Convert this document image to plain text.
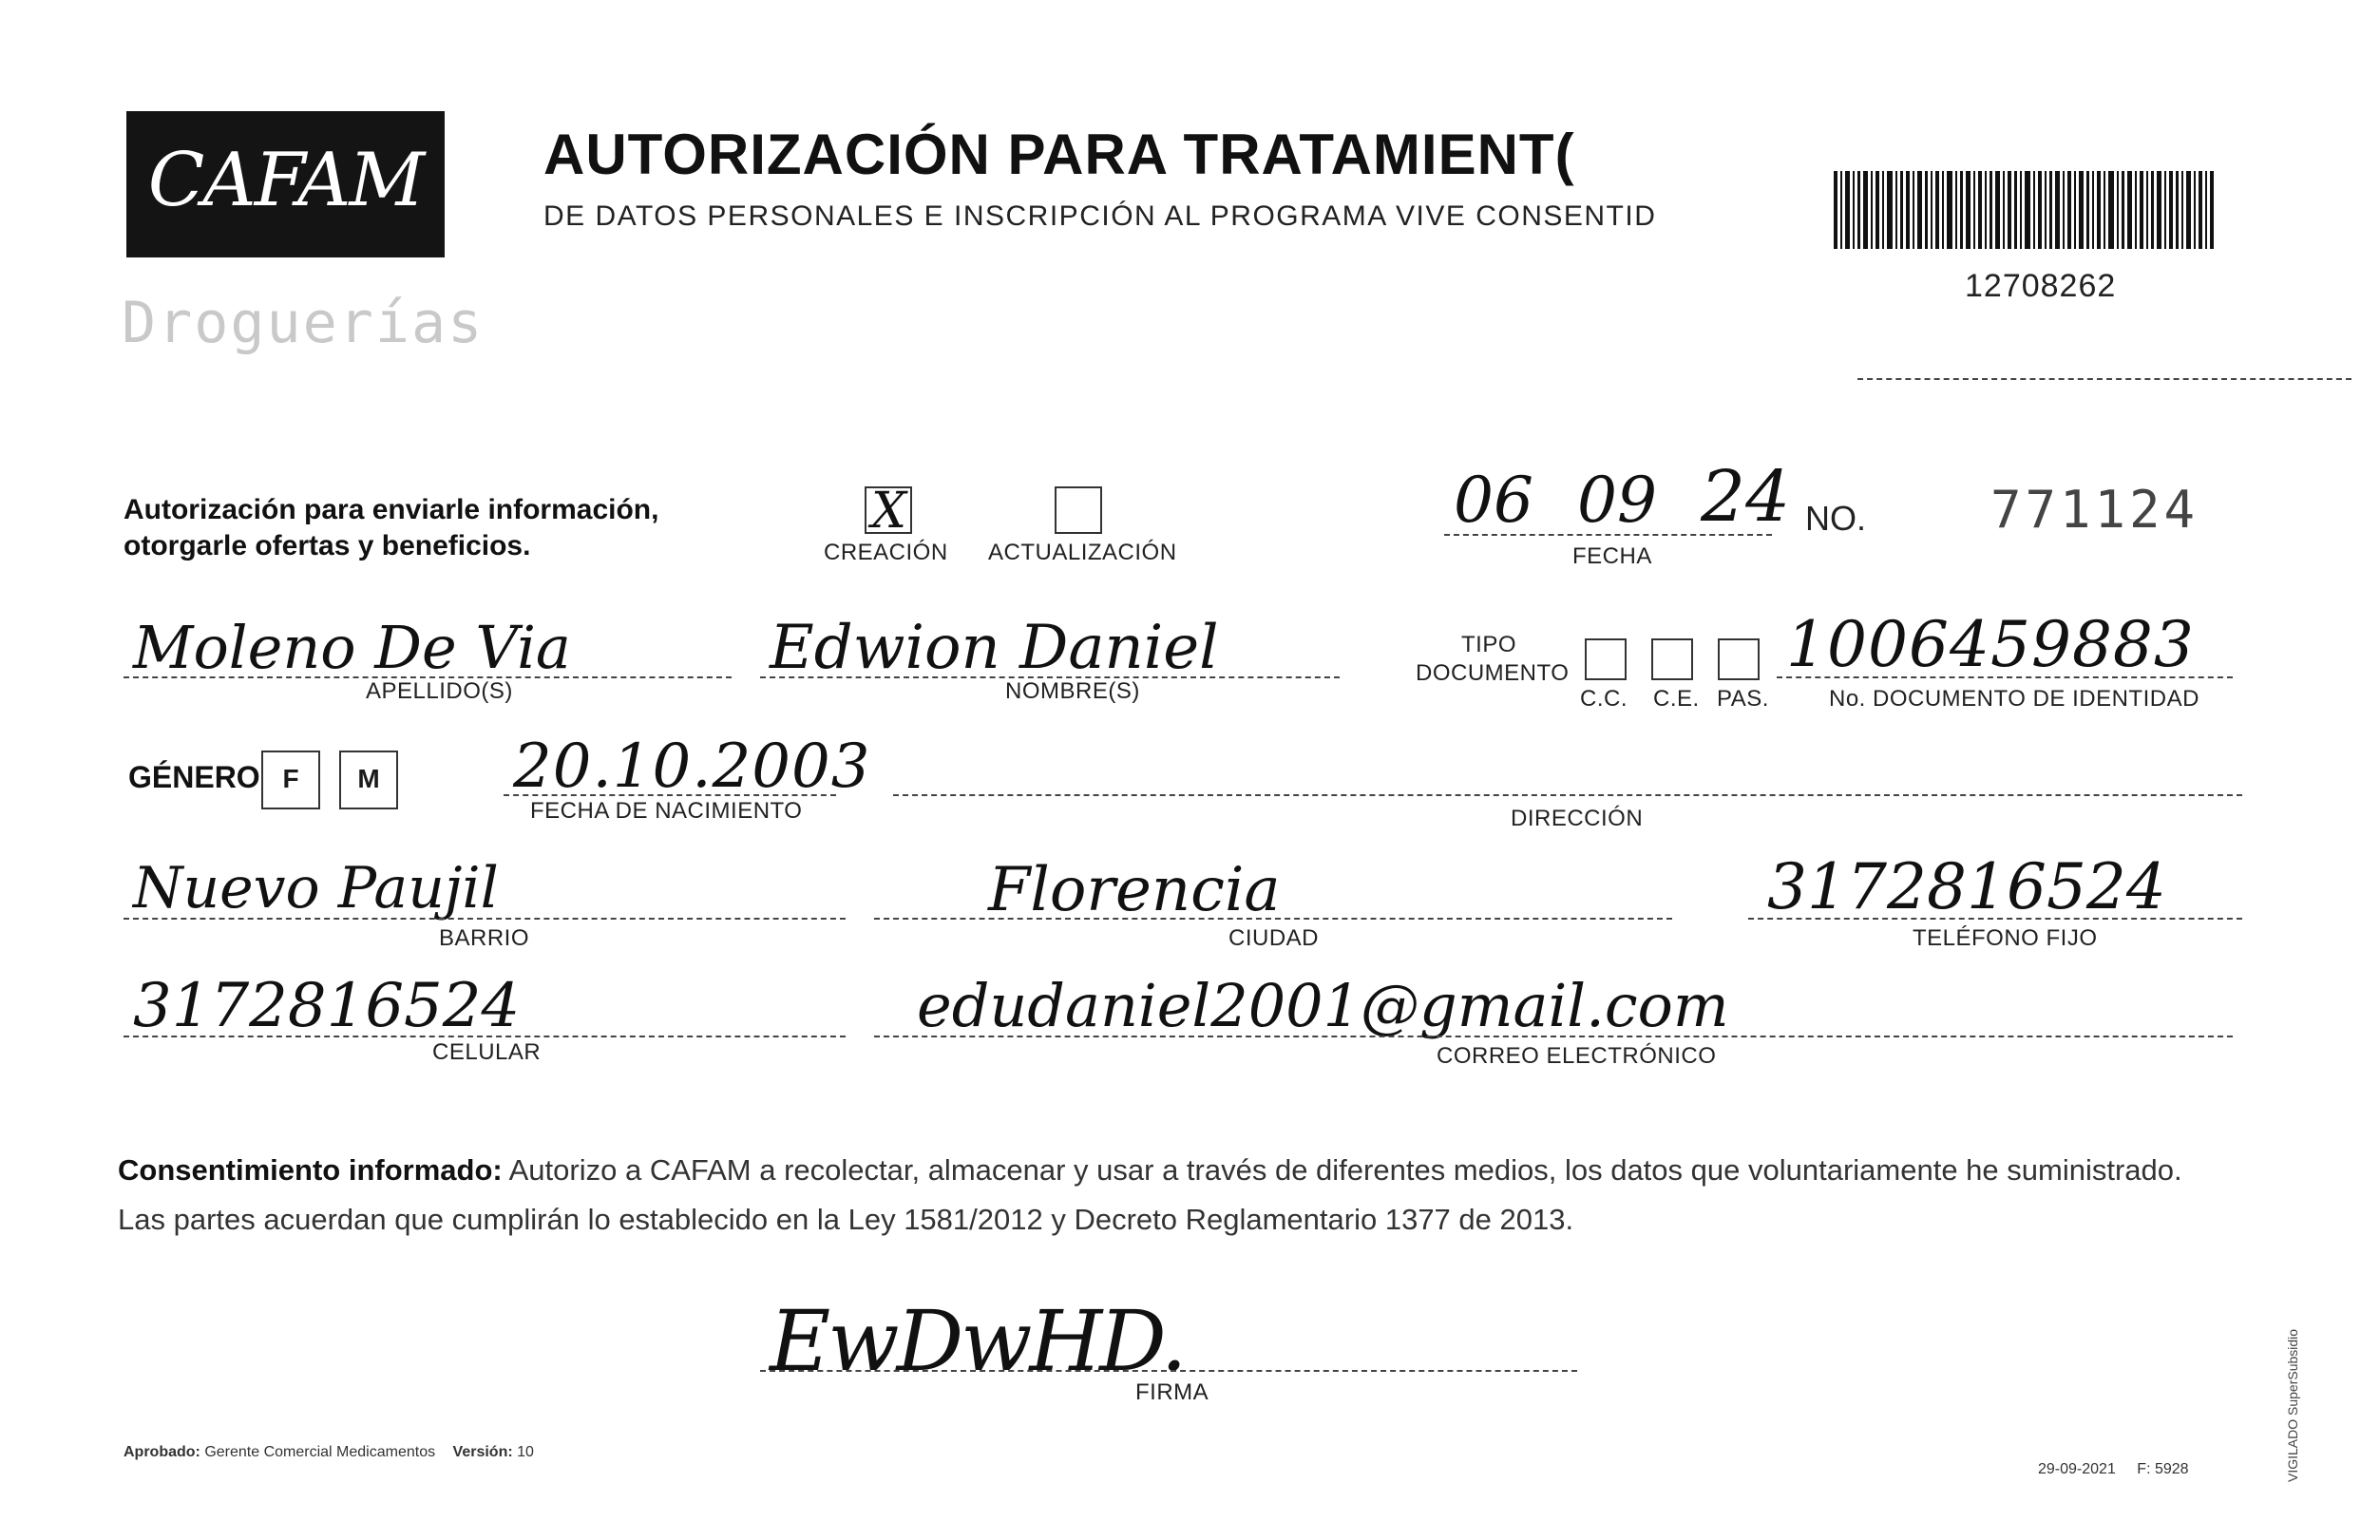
CAFAM
Droguerías
AUTORIZACIÓN PARA TRATAMIENT(
DE DATOS PERSONALES E INSCRIPCIÓN AL PROGRAMA VIVE CONSENTID
12708262
Autorización para enviarle información, otorgarle ofertas y beneficios.
X
CREACIÓN ACTUALIZACIÓN
06 09 24
FECHA
NO. 771124
Moleno De Via
APELLIDO(S)
Edwion Daniel
NOMBRE(S)
TIPO
DOCUMENTO
C.C. C.E. PAS.
1006459883
No. DOCUMENTO DE IDENTIDAD
GÉNERO F	M 20.10.2003
FECHA DE NACIMIENTO	DIRECCIÓN
Nuevo Paujil
BARRIO
Florencia
CIUDAD
3172816524
TELÉFONO FIJO
3172816524
CELULAR
edudaniel2001@gmail.com
CORREO ELECTRÓNICO
Consentimiento informado: Autorizo a CAFAM a recolectar, almacenar y usar a través de diferentes medios, los datos que voluntariamente he suministrado.
Las partes acuerdan que cumplirán lo establecido en la Ley 1581/2012 y Decreto Reglamentario 1377 de 2013.
EwDwHD.
FIRMA
Aprobado: Gerente Comercial Medicamentos Versión: 10
29-09-2021 F: 5928	VIGILADO SuperSubsidio
